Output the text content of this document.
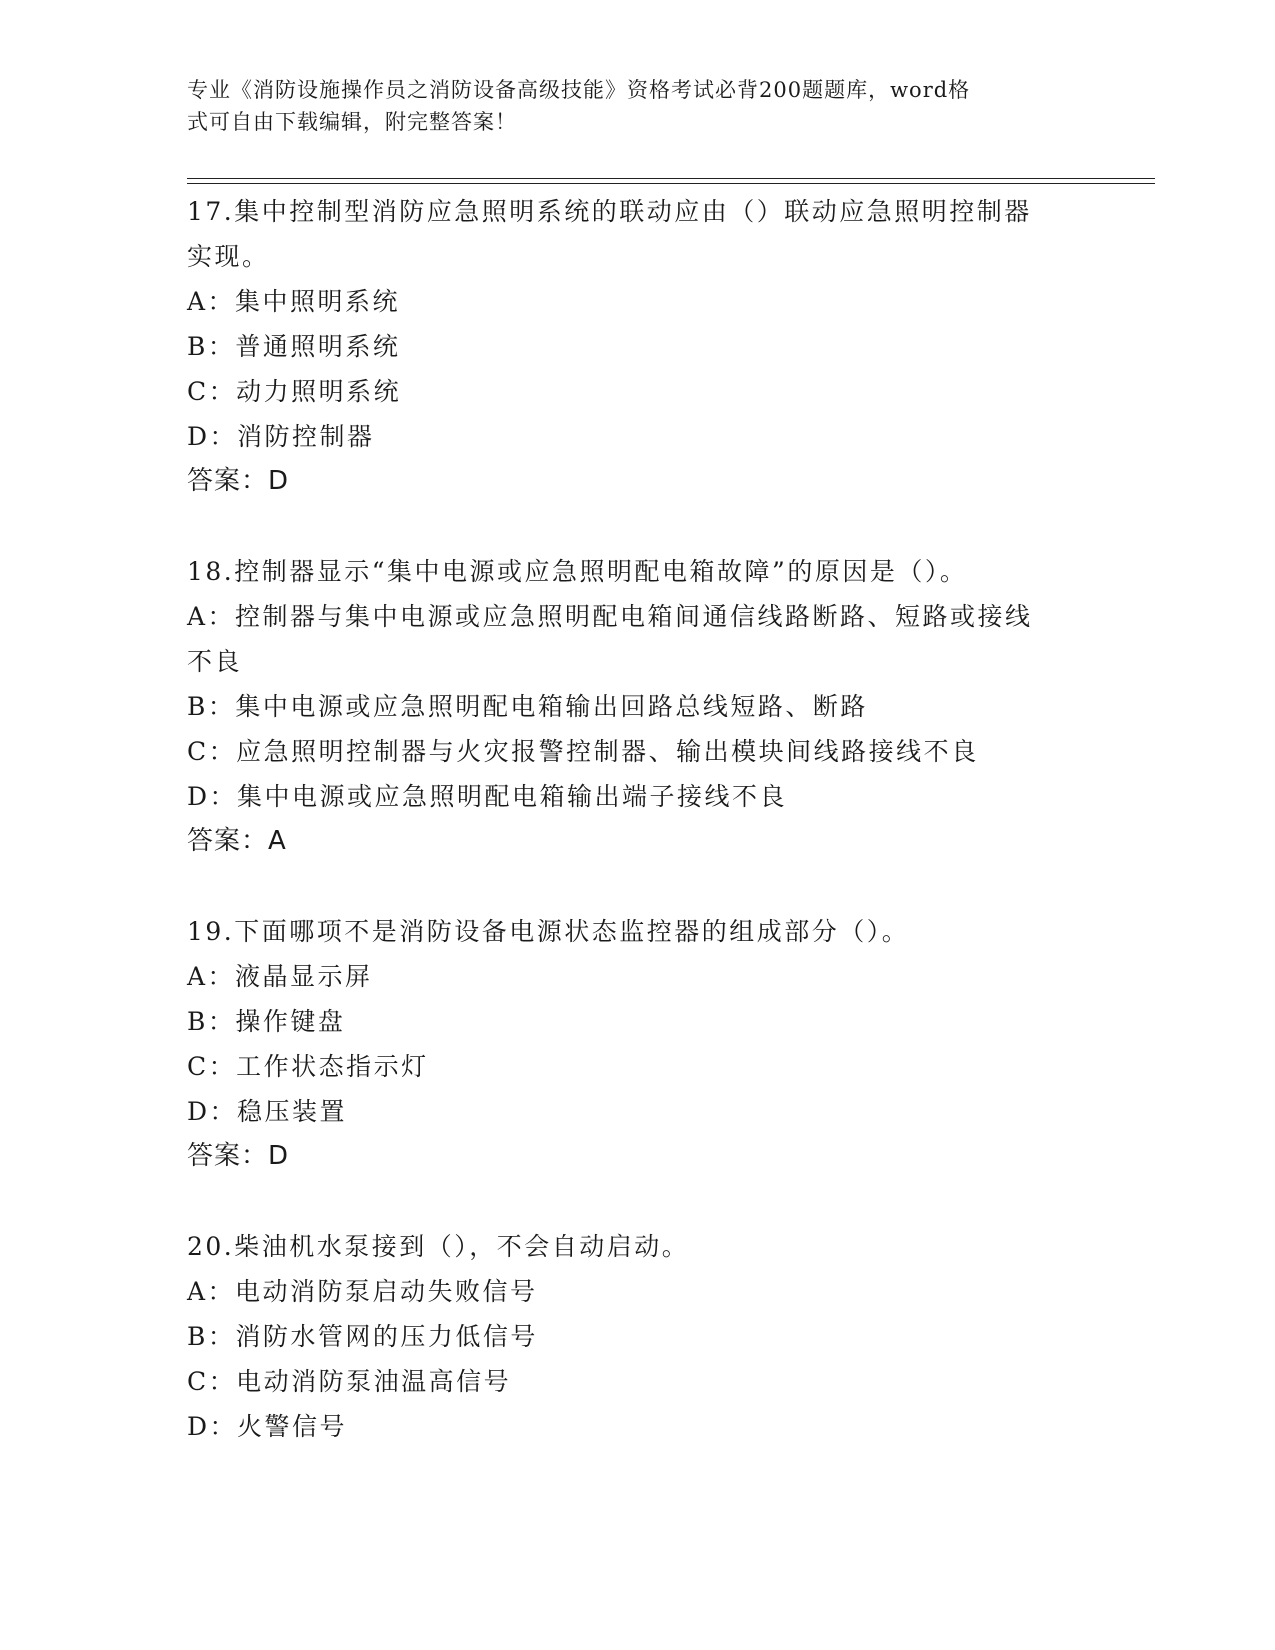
专业《消防设施操作员之消防设备高级技能》资格考试必背200题题库，word格
式可自由下载编辑，附完整答案！

17.集中控制型消防应急照明系统的联动应由（）联动应急照明控制器

实现。

A：集中照明系统

B：普通照明系统

C：动力照明系统

D：消防控制器

答案：D

18.控制器显示“集中电源或应急照明配电箱故障”的原因是（）。

A：控制器与集中电源或应急照明配电箱间通信线路断路、短路或接线

不良

B：集中电源或应急照明配电箱输出回路总线短路、断路

C：应急照明控制器与火灾报警控制器、输出模块间线路接线不良

D：集中电源或应急照明配电箱输出端子接线不良

答案：A

19.下面哪项不是消防设备电源状态监控器的组成部分（）。

A：液晶显示屏

B：操作键盘

C：工作状态指示灯

D：稳压装置

答案：D

20.柴油机水泵接到（），不会自动启动。

A：电动消防泵启动失败信号

B：消防水管网的压力低信号

C：电动消防泵油温高信号

D：火警信号
